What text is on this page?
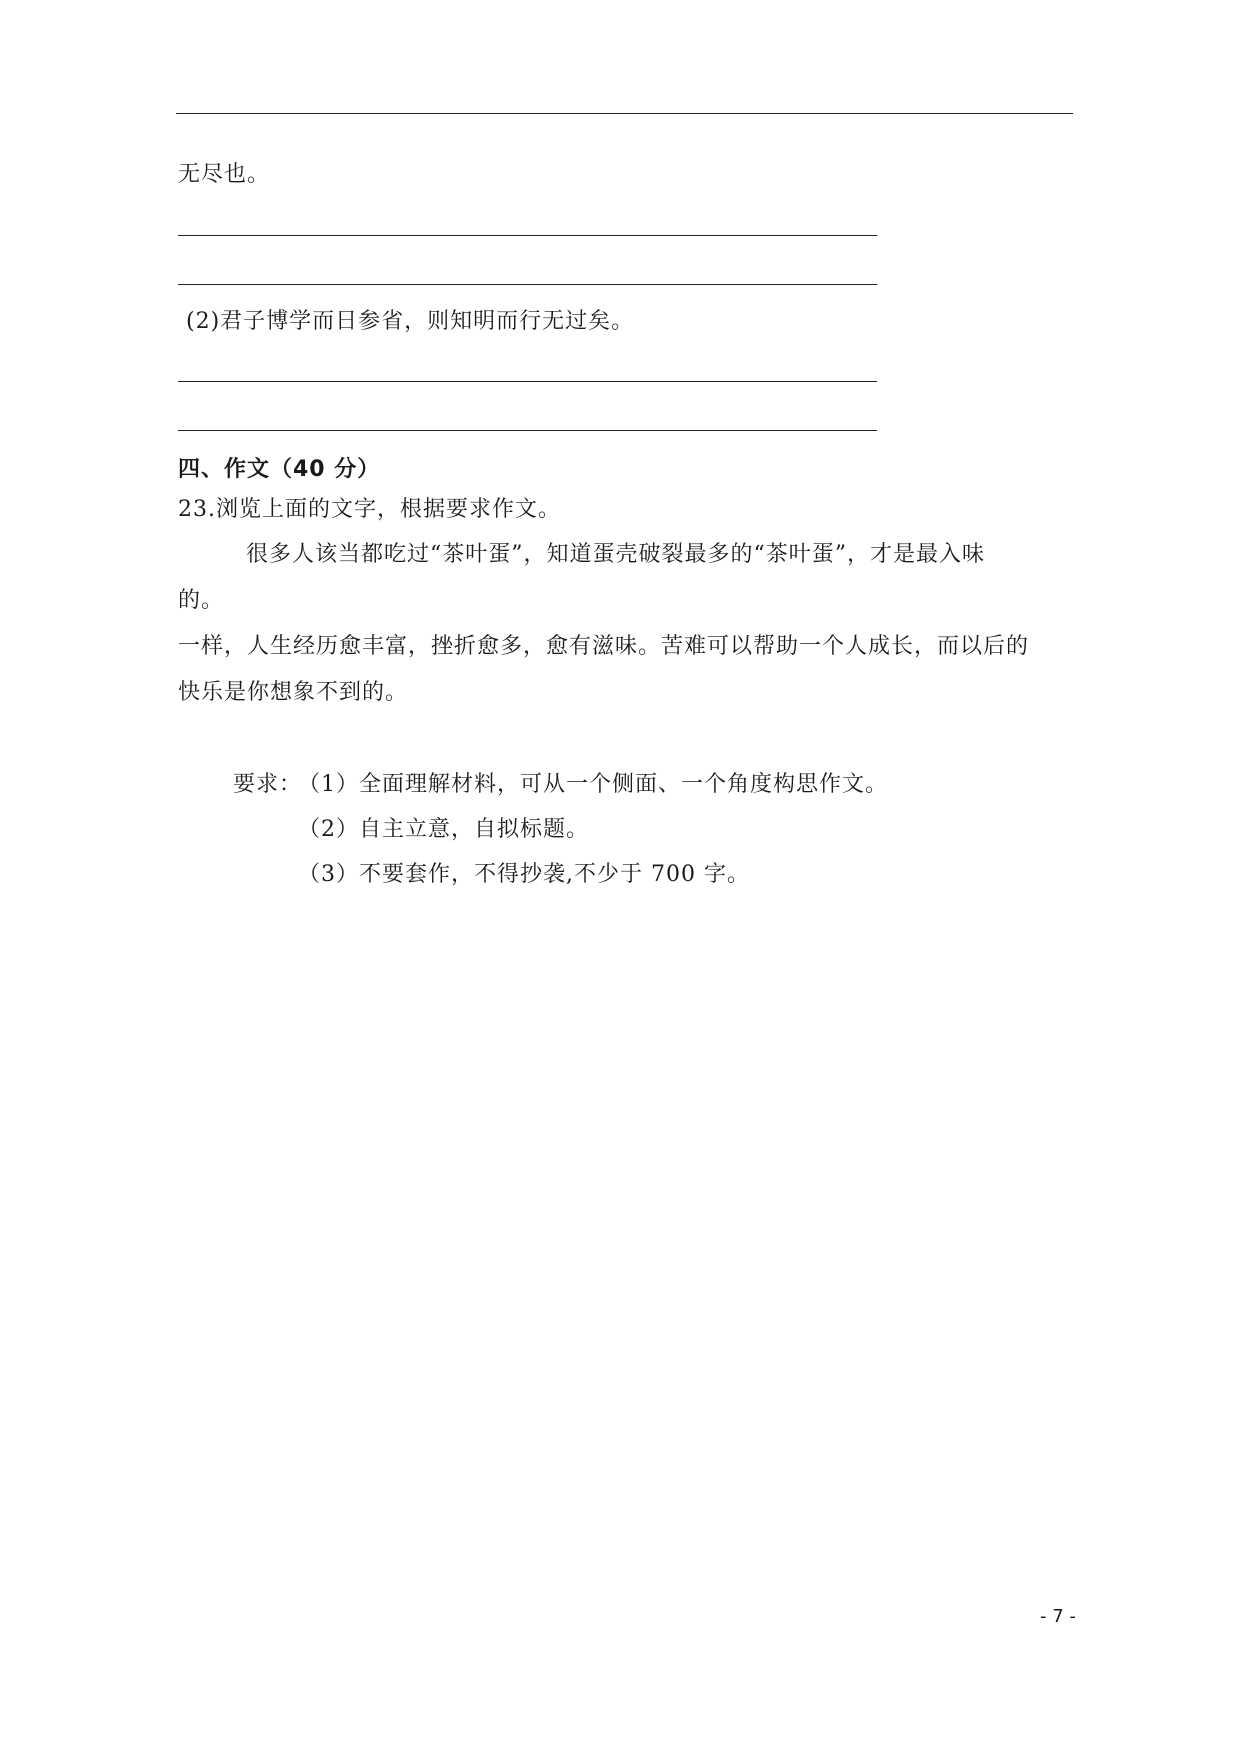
无尽也。
(2)君子博学而日参省，则知明而行无过矣。
四、作文（40 分）
23.浏览上面的文字，根据要求作文。
很多人该当都吃过“茶叶蛋”，知道蛋壳破裂最多的“茶叶蛋”，才是最入味
的。
一样，人生经历愈丰富，挫折愈多，愈有滋味。苦难可以帮助一个人成长，而以后的
快乐是你想象不到的。
要求：
（1）全面理解材料，可从一个侧面、一个角度构思作文。
（2）自主立意，自拟标题。
（3）不要套作，不得抄袭,不少于 700 字。
- 7 -
